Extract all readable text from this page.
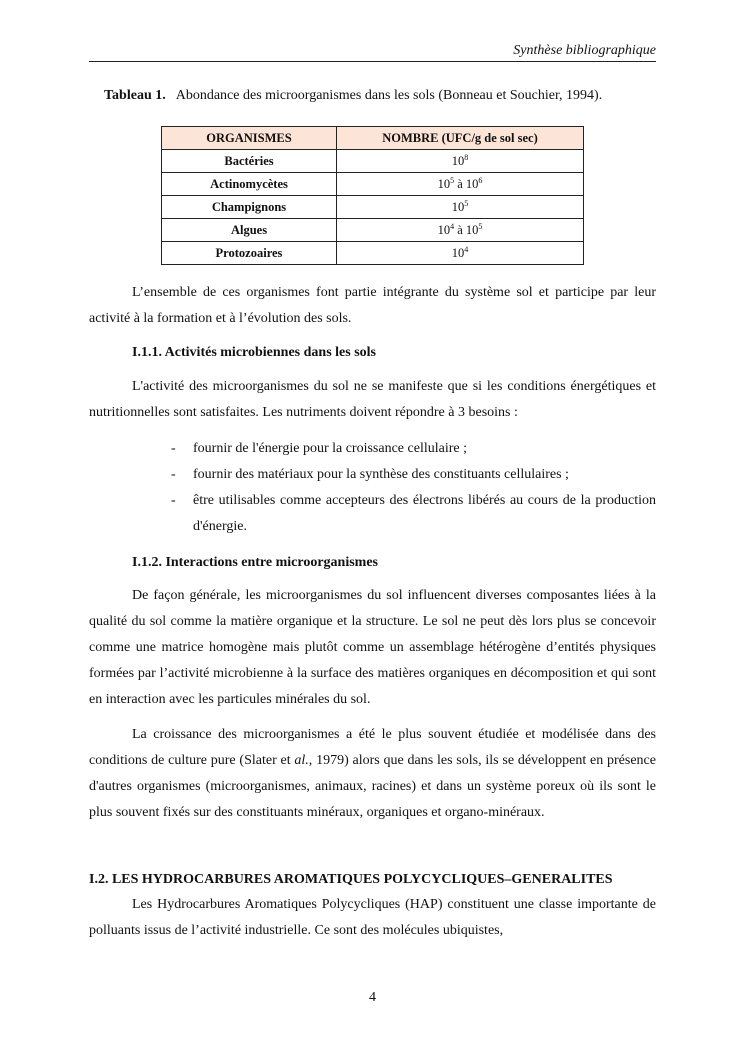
Synthèse bibliographique
Tableau 1. Abondance des microorganismes dans les sols (Bonneau et Souchier, 1994).
ORGANISMES	NOMBRE (UFC/g de sol sec)
Bactéries	$10^8$
Actinomycètes	$10^5$ à $10^6$
Champignons	$10^5$
Algues	$10^4$ à $10^5$
Protozoaires	$10^4$

L’ensemble de ces organismes font partie intégrante du système sol et participe par leur activité à la formation et à l’évolution des sols.

I.1.1. Activités microbiennes dans les sols

L'activité des microorganismes du sol ne se manifeste que si les conditions énergétiques et nutritionnelles sont satisfaites. Les nutriments doivent répondre à 3 besoins :

- fournir de l'énergie pour la croissance cellulaire ;
- fournir des matériaux pour la synthèse des constituants cellulaires ;
- être utilisables comme accepteurs des électrons libérés au cours de la production d'énergie.

I.1.2. Interactions entre microorganismes

De façon générale, les microorganismes du sol influencent diverses composantes liées à la qualité du sol comme la matière organique et la structure. Le sol ne peut dès lors plus se concevoir comme une matrice homogène mais plutôt comme un assemblage hétérogène d’entités physiques formées par l’activité microbienne à la surface des matières organiques en décomposition et qui sont en interaction avec les particules minérales du sol.

La croissance des microorganismes a été le plus souvent étudiée et modélisée dans des conditions de culture pure (Slater et al., 1979) alors que dans les sols, ils se développent en présence d'autres organismes (microorganismes, animaux, racines) et dans un système poreux où ils sont le plus souvent fixés sur des constituants minéraux, organiques et organo-minéraux.

I.2. LES HYDROCARBURES AROMATIQUES POLYCYCLIQUES–GENERALITES

Les Hydrocarbures Aromatiques Polycycliques (HAP) constituent une classe importante de polluants issus de l’activité industrielle. Ce sont des molécules ubiquistes,

4
